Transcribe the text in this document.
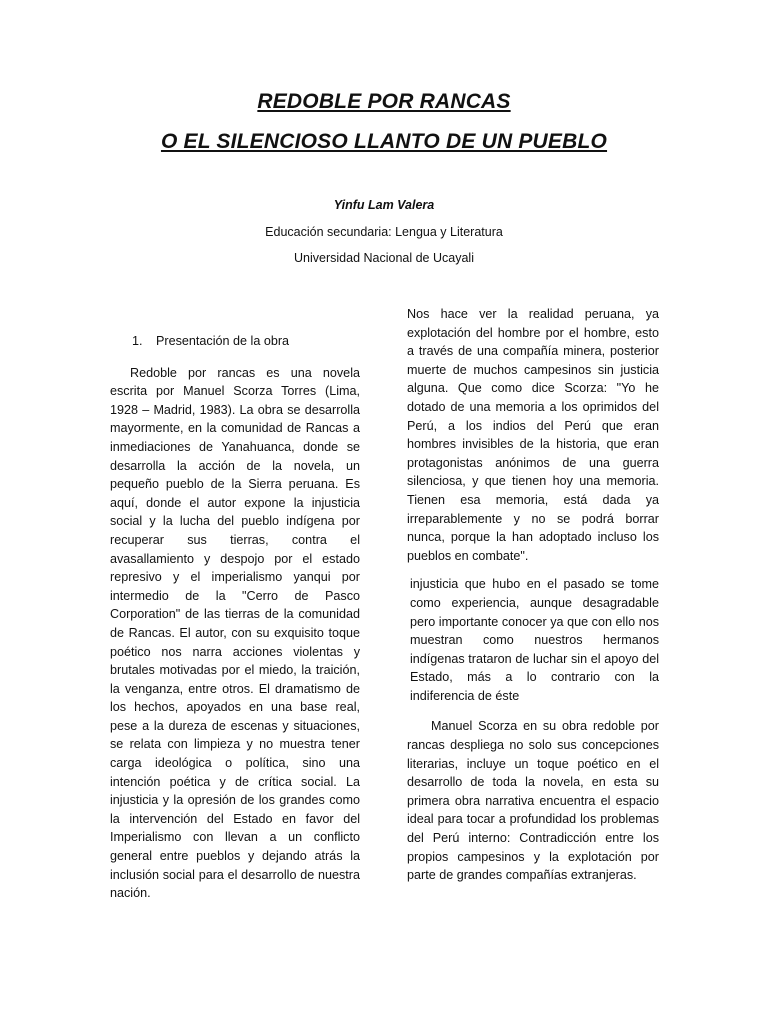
REDOBLE POR RANCAS
O EL SILENCIOSO LLANTO DE UN PUEBLO
Yinfu Lam Valera
Educación secundaria: Lengua y Literatura
Universidad Nacional de Ucayali
1. Presentación de la obra

Redoble por rancas es una novela escrita por Manuel Scorza Torres (Lima, 1928 – Madrid, 1983). La obra se desarrolla mayormente, en la comunidad de Rancas a inmediaciones de Yanahuanca, donde se desarrolla la acción de la novela, un pequeño pueblo de la Sierra peruana. Es aquí, donde el autor expone la injusticia social y la lucha del pueblo indígena por recuperar sus tierras, contra el avasallamiento y despojo por el estado represivo y el imperialismo yanqui por intermedio de la "Cerro de Pasco Corporation" de las tierras de la comunidad de Rancas. El autor, con su exquisito toque poético nos narra acciones violentas y brutales motivadas por el miedo, la traición, la venganza, entre otros. El dramatismo de los hechos, apoyados en una base real, pese a la dureza de escenas y situaciones, se relata con limpieza y no muestra tener carga ideológica o política, sino una intención poética y de crítica social. La injusticia y la opresión de los grandes como la intervención del Estado en favor del Imperialismo con llevan a un conflicto general entre pueblos y dejando atrás la inclusión social para el desarrollo de nuestra nación.

Nos hace ver la realidad peruana, ya explotación del hombre por el hombre, esto a través de una compañía minera, posterior muerte de muchos campesinos sin justicia alguna. Que como dice Scorza: "Yo he dotado de una memoria a los oprimidos del Perú, a los indios del Perú que eran hombres invisibles de la historia, que eran protagonistas anónimos de una guerra silenciosa, y que tienen hoy una memoria. Tienen esa memoria, está dada ya irreparablemente y no se podrá borrar nunca, porque la han adoptado incluso los pueblos en combate".

injusticia que hubo en el pasado se tome como experiencia, aunque desagradable pero importante conocer ya que con ello nos muestran como nuestros hermanos indígenas trataron de luchar sin el apoyo del Estado, más a lo contrario con la indiferencia de éste

Manuel Scorza en su obra redoble por rancas despliega no solo sus concepciones literarias, incluye un toque poético en el desarrollo de toda la novela, en esta su primera obra narrativa encuentra el espacio ideal para tocar a profundidad los problemas del Perú interno: Contradicción entre los propios campesinos y la explotación por parte de grandes compañías extranjeras.
